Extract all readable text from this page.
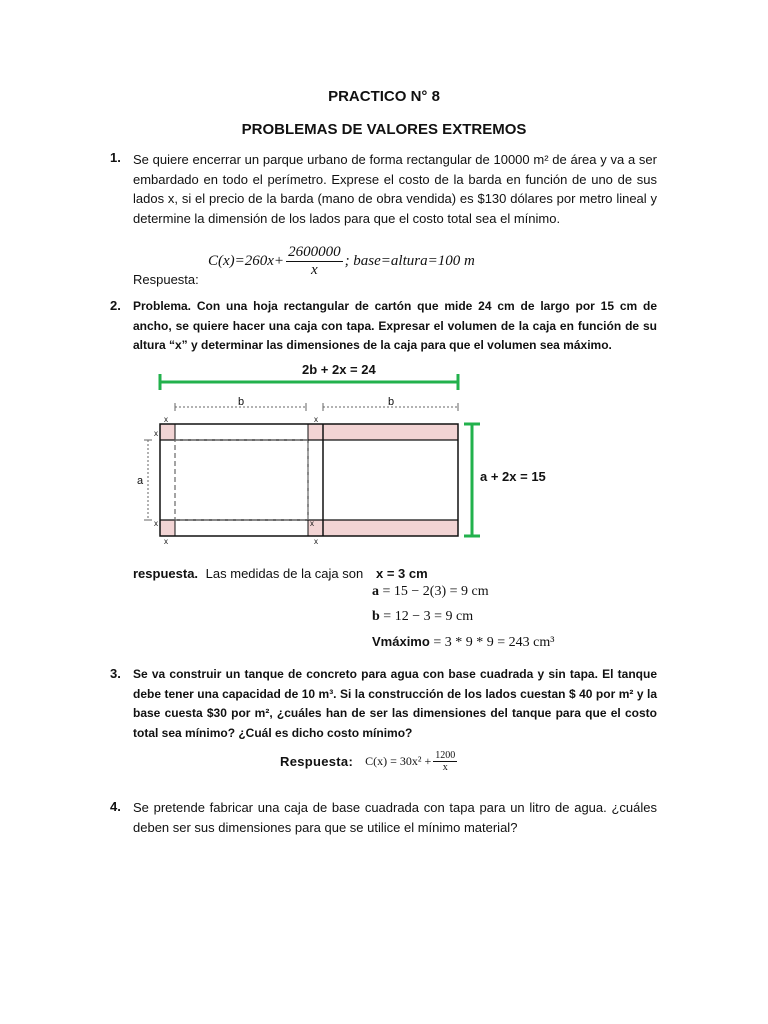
PRACTICO N° 8
PROBLEMAS DE VALORES EXTREMOS
1. Se quiere encerrar un parque urbano de forma rectangular de 10000 m² de área y va a ser embardado en todo el perímetro. Exprese el costo de la barda en función de uno de sus lados x, si el precio de la barda (mano de obra vendida) es $130 dólares por metro lineal y determine la dimensión de los lados para que el costo total sea el mínimo.
Respuesta:
$C(x)=260x+ \frac{2600000}{x}$ ; base=altura=100 m
2. Problema. Con una hoja rectangular de cartón que mide 24 cm de largo por 15 cm de ancho, se quiere hacer una caja con tapa. Expresar el volumen de la caja en función de su altura “x” y determinar las dimensiones de la caja para que el volumen sea máximo.
2b + 2x = 24
b	b
x	x
x
a
x	x
x	x
a + 2x = 15
respuesta. Las medidas de la caja son x = 3 cm
a = 15 − 2(3) = 9 cm
b = 12 − 3 = 9 cm
Vmáximo = 3 * 9 * 9 = 243 cm³
3. Se va construir un tanque de concreto para agua con base cuadrada y sin tapa. El tanque debe tener una capacidad de 10 m³. Si la construcción de los lados cuestan $ 40 por m² y la base cuesta $30 por m², ¿cuáles han de ser las dimensiones del tanque para que el costo total sea mínimo? ¿Cuál es dicho costo mínimo?
Respuesta: $C(x) = 30x^2 + \frac{1200}{x}$
4. Se pretende fabricar una caja de base cuadrada con tapa para un litro de agua. ¿cuáles deben ser sus dimensiones para que se utilice el mínimo material?
